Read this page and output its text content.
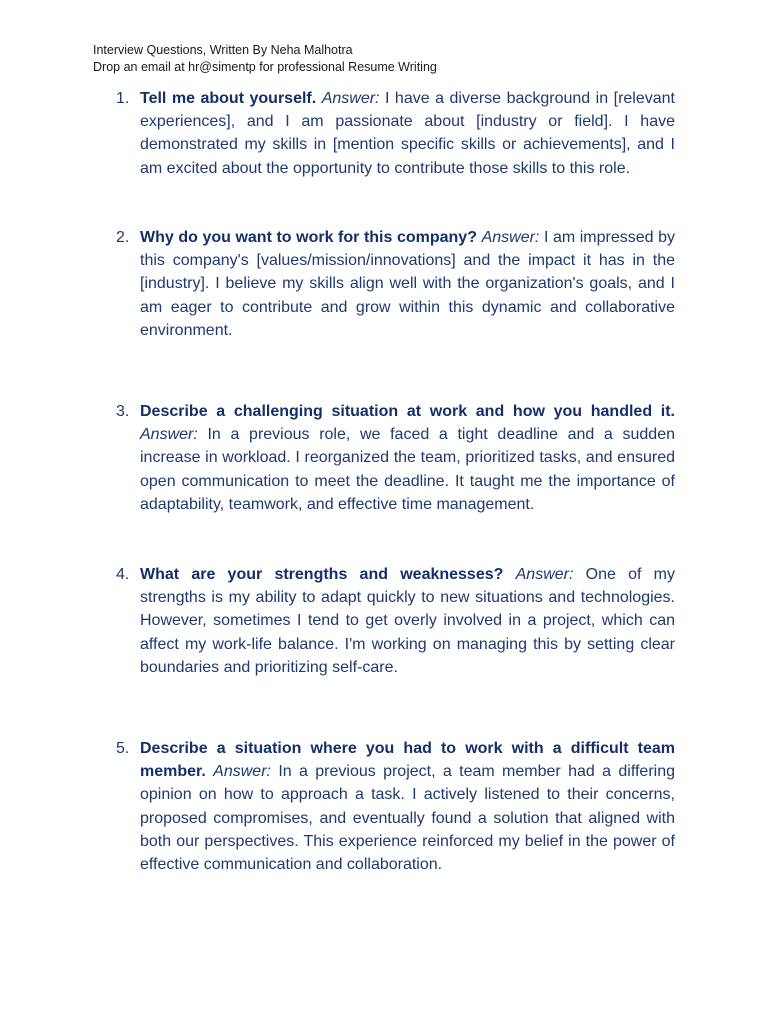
Interview Questions, Written By Neha Malhotra
Drop an email at hr@simentp for professional Resume Writing
1. Tell me about yourself. Answer: I have a diverse background in [relevant experiences], and I am passionate about [industry or field]. I have demonstrated my skills in [mention specific skills or achievements], and I am excited about the opportunity to contribute those skills to this role.
2. Why do you want to work for this company? Answer: I am impressed by this company's [values/mission/innovations] and the impact it has in the [industry]. I believe my skills align well with the organization's goals, and I am eager to contribute and grow within this dynamic and collaborative environment.
3. Describe a challenging situation at work and how you handled it. Answer: In a previous role, we faced a tight deadline and a sudden increase in workload. I reorganized the team, prioritized tasks, and ensured open communication to meet the deadline. It taught me the importance of adaptability, teamwork, and effective time management.
4. What are your strengths and weaknesses? Answer: One of my strengths is my ability to adapt quickly to new situations and technologies. However, sometimes I tend to get overly involved in a project, which can affect my work-life balance. I'm working on managing this by setting clear boundaries and prioritizing self-care.
5. Describe a situation where you had to work with a difficult team member. Answer: In a previous project, a team member had a differing opinion on how to approach a task. I actively listened to their concerns, proposed compromises, and eventually found a solution that aligned with both our perspectives. This experience reinforced my belief in the power of effective communication and collaboration.
